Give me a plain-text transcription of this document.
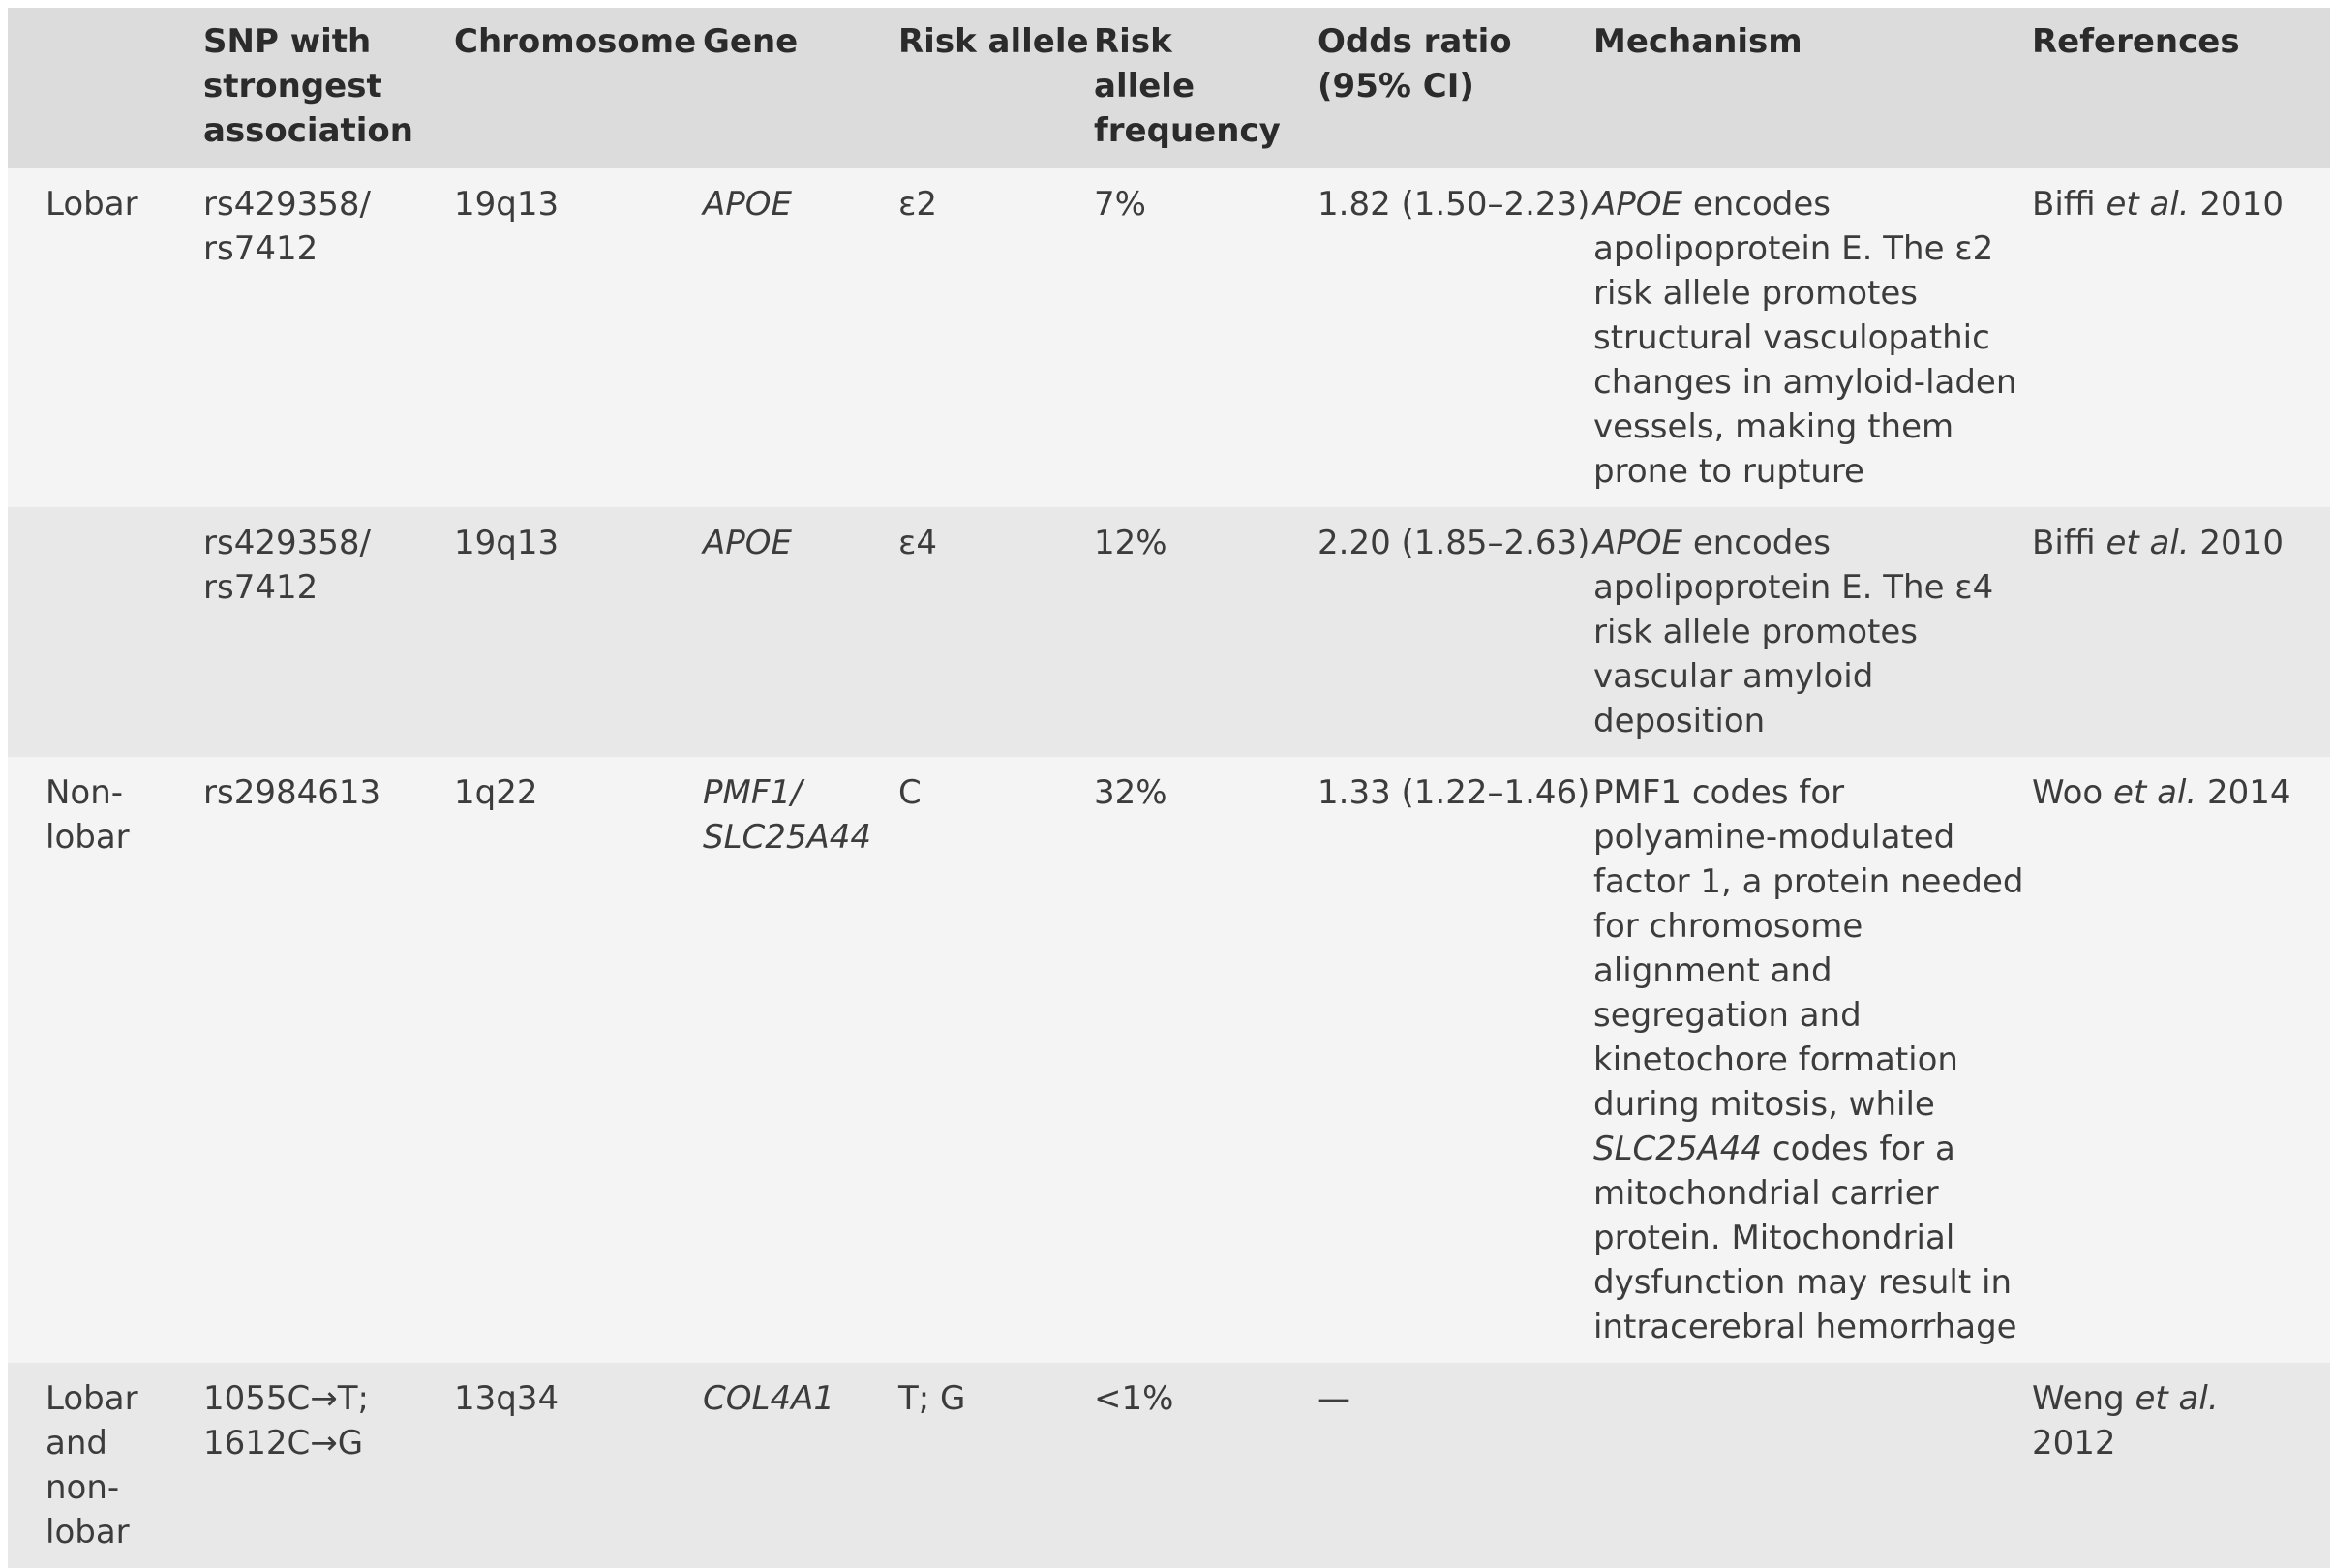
	SNP with strongest association	Chromosome	Gene	Risk allele	Risk allele frequency	Odds ratio (95% CI)	Mechanism	References
Lobar	rs429358/ rs7412	19q13	APOE	ε2	7%	1.82 (1.50–2.23)	APOE encodes apolipoprotein E. The ε2 risk allele promotes structural vasculopathic changes in amyloid-laden vessels, making them prone to rupture	Biffi et al. 2010
	rs429358/ rs7412	19q13	APOE	ε4	12%	2.20 (1.85–2.63)	APOE encodes apolipoprotein E. The ε4 risk allele promotes vascular amyloid deposition	Biffi et al. 2010
Non-lobar	rs2984613	1q22	PMF1/ SLC25A44	C	32%	1.33 (1.22–1.46)	PMF1 codes for polyamine-modulated factor 1, a protein needed for chromosome alignment and segregation and kinetochore formation during mitosis, while SLC25A44 codes for a mitochondrial carrier protein. Mitochondrial dysfunction may result in intracerebral hemorrhage	Woo et al. 2014
Lobar and non-lobar	1055C→T; 1612C→G	13q34	COL4A1	T; G	<1%	—		Weng et al. 2012
